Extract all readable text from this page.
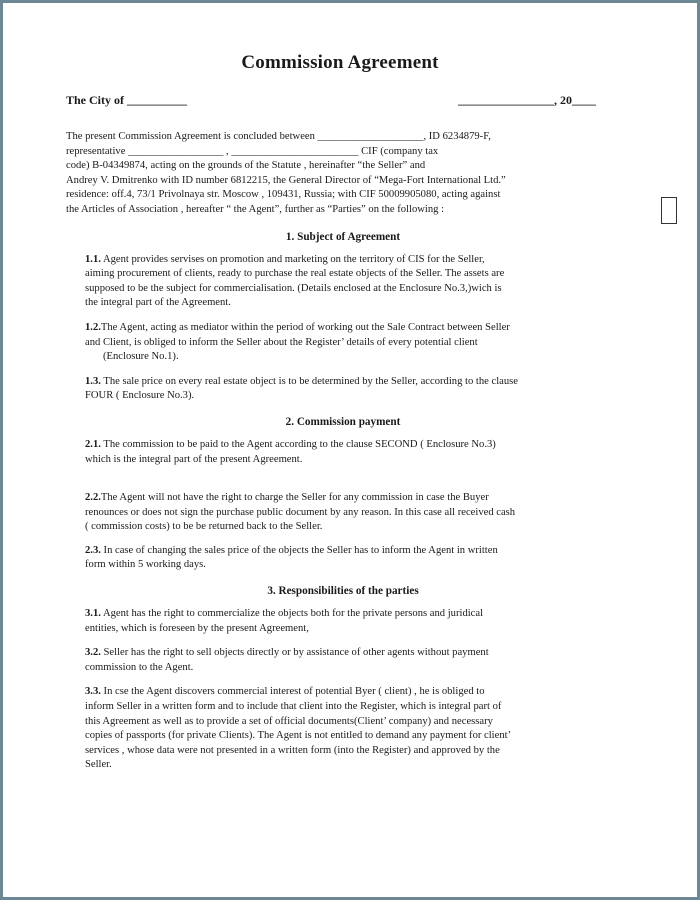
Commission Agreement
The City of __________	________________, 20____
The present Commission Agreement is concluded between ____________________, ID 6234879-F,
representative __________________ , ________________________ CIF (company tax
code) B-04349874, acting on the grounds of the Statute , hereinafter “the Seller” and
Andrey V. Dmitrenko with ID number 6812215, the General Director of “Mega-Fort International Ltd.”
residence: off.4, 73/1 Privolnaya str. Moscow , 109431, Russia; with CIF 50009905080, acting against
the Articles of Association , hereafter “ the Agent”, further as “Parties” on the following :
1. Subject of Agreement
1.1. Agent provides servises on promotion and marketing on the territory of CIS for the Seller,
aiming procurement of clients, ready to purchase the real estate objects of the Seller. The assets are
supposed to be the subject for commercialisation. (Details enclosed at the Enclosure No.3,)wich is
the integral part of the Agreement.
1.2.The Agent, acting as mediator within the period of working out the Sale Contract between Seller
and Client, is obliged to inform the Seller about the Register’ details of every potential client
(Enclosure No.1).
1.3. The sale price on every real estate object is to be determined by the Seller, according to the clause
FOUR ( Enclosure No.3).
2. Commission payment
2.1. The commission to be paid to the Agent according to the clause SECOND ( Enclosure No.3)
which is the integral part of the present Agreement.
2.2.The Agent will not have the right to charge the Seller for any commission in case the Buyer
renounces or does not sign the purchase public document by any reason. In this case all received cash
( commission costs) to be be returned back to the Seller.
2.3. In case of changing the sales price of the objects the Seller has to inform the Agent in written
form within 5 working days.
3. Responsibilities of the parties
3.1. Agent has the right to commercialize the objects both for the private persons and juridical
entities, which is foreseen by the present Agreement,
3.2. Seller has the right to sell objects directly or by assistance of other agents without payment
commission to the Agent.
3.3. In cse the Agent discovers commercial interest of potential Byer ( client) , he is obliged to
inform Seller in a written form and to include that client into the Register, which is integral part of
this Agreement as well as to provide a set of official documents(Client’ company) and necessary
copies of passports (for private Clients). The Agent is not entitled to demand any payment for client’
services , whose data were not presented in a written form (into the Register) and approved by the
Seller.
